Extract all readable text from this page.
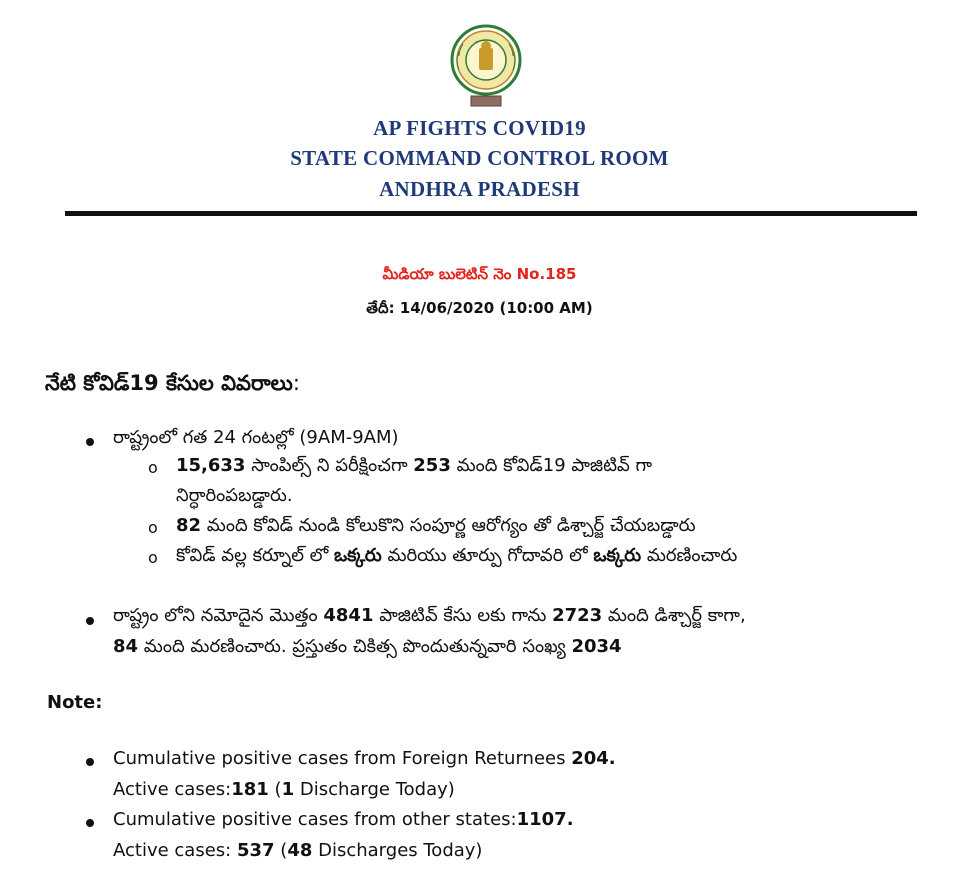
AP FIGHTS COVID19
STATE COMMAND CONTROL ROOM
ANDHRA PRADESH
మీడియా బులెటిన్ నెం No.185
తేదీ: 14/06/2020 (10:00 AM)
నేటి కోవిడ్19 కేసుల వివరాలు:
రాష్ట్రంలో గత 24 గంటల్లో (9AM-9AM)
o 15,633 సాంపిల్స్ ని పరీక్షించగా 253 మంది కోవిడ్19 పాజిటివ్ గా
నిర్ధారింపబడ్డారు.
o 82 మంది కోవిడ్ నుండి కోలుకొని సంపూర్ణ ఆరోగ్యం తో డిశ్చార్జ్ చేయబడ్డారు
o కోవిడ్ వల్ల కర్నూల్ లో ఒక్కరు మరియు తూర్పు గోదావరి లో ఒక్కరు మరణించారు
రాష్ట్రం లోని నమోదైన మొత్తం 4841 పాజిటివ్ కేసు లకు గాను 2723 మంది డిశ్చార్జ్ కాగా,
84 మంది మరణించారు. ప్రస్తుతం చికిత్స పొందుతున్నవారి సంఖ్య 2034
Note:
Cumulative positive cases from Foreign Returnees 204.
Active cases:181 (1 Discharge Today)
Cumulative positive cases from other states:1107.
Active cases: 537 (48 Discharges Today)
